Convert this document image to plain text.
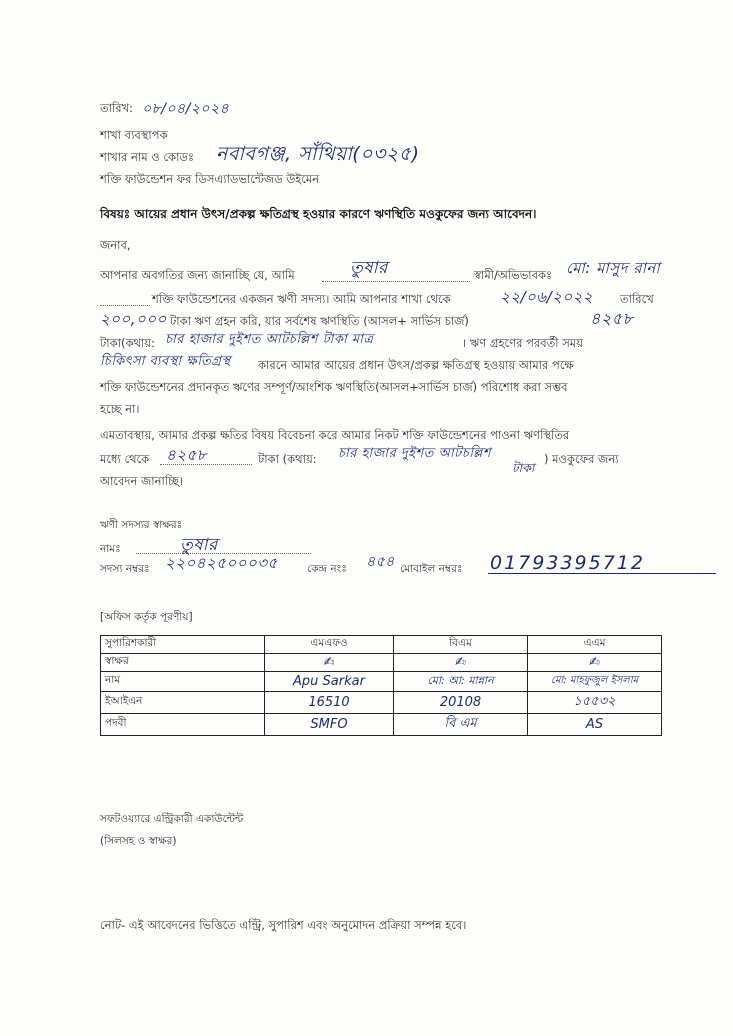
তারিখ: ০৮/০৪/২০২৪
শাখা ব্যবস্থাপক
শাখার নাম ও কোডঃ নবাবগঞ্জ, সাঁথিয়া(০৩২৫)
শক্তি ফাউন্ডেশন ফর ডিসএ্যাডভান্টেজড উইমেন
বিষয়ঃ আয়ের প্রধান উৎস/প্রকল্প ক্ষতিগ্রস্থ হওয়ার কারণে ঋণস্থিতি মওকুফের জন্য আবেদন।
জনাব,
আপনার অবগতির জন্য জানাচ্ছি যে, আমি	তুষার	স্বামী/অভিভাবকঃ মো: মাসুদ রানা
শক্তি ফাউন্ডেশনের একজন ঋণী সদস্য। আমি আপনার শাখা থেকে	২২/০৬/২০২২ তারিখে
২০০,০০০ টাকা ঋণ গ্রহন করি, যার সর্বশেষ ঋণস্থিতি (আসল+ সার্ভিস চার্জ)	৪২৫৮
টাকা(কথায়: চার হাজার দুইশত আটচল্লিশ টাকা মাত্র	। ঋণ গ্রহণের পরবর্তী সময়
চিকিৎসা ব্যবস্থা ক্ষতিগ্রস্থ কারনে আমার আয়ের প্রধান উৎস/প্রকল্প ক্ষতিগ্রস্থ হওয়ায় আমার পক্ষে
শক্তি ফাউন্ডেশনের প্রদানকৃত ঋণের সম্পূর্ণ/আংশিক ঋণস্থিতি(আসল+সার্ভিস চার্জ) পরিশোধ করা সম্ভব
হচ্ছে না।
এমতাবস্থায়, আমার প্রকল্প ক্ষতির বিষয় বিবেচনা করে আমার নিকট শক্তি ফাউন্ডেশনের পাওনা ঋণস্থিতির
মধ্যে থেকে ৪২৫৮	টাকা (কথায়: চার হাজার দুইশত আটচল্লিশ
টাকা
) মওকুফের জন্য
আবেদন জানাচ্ছি।
ঋণী সদস্যর স্বাক্ষরঃ
নামঃ	তুষার
সদস্য নম্বরঃ ২২০৪২৫০০০৩৫	কেন্দ্র নংঃ ৪৫৪ মোবাইল নম্বরঃ 01793395712
[অফিস কর্তৃক পূরণীয়]
সুপারিশকারী	এমএফও	বিএম	এএম
স্বাক্ষর	✍	✍	✍
নাম	Apu Sarkar	মো: আ: মান্নান	মো: মাহফুজুল ইসলাম
ইআইএন	16510	20108	১৫৫৩২
পদবী	SMFO	বি এম	AS
সফটওয়্যারে এন্ট্রিকারী একাউন্টেন্ট
(সিলসহ ও স্বাক্ষর)
নোট- এই আবেদনের ভিত্তিতে এন্ট্রি, সুপারিশ এবং অনুমোদন প্রক্রিয়া সম্পন্ন হবে।
